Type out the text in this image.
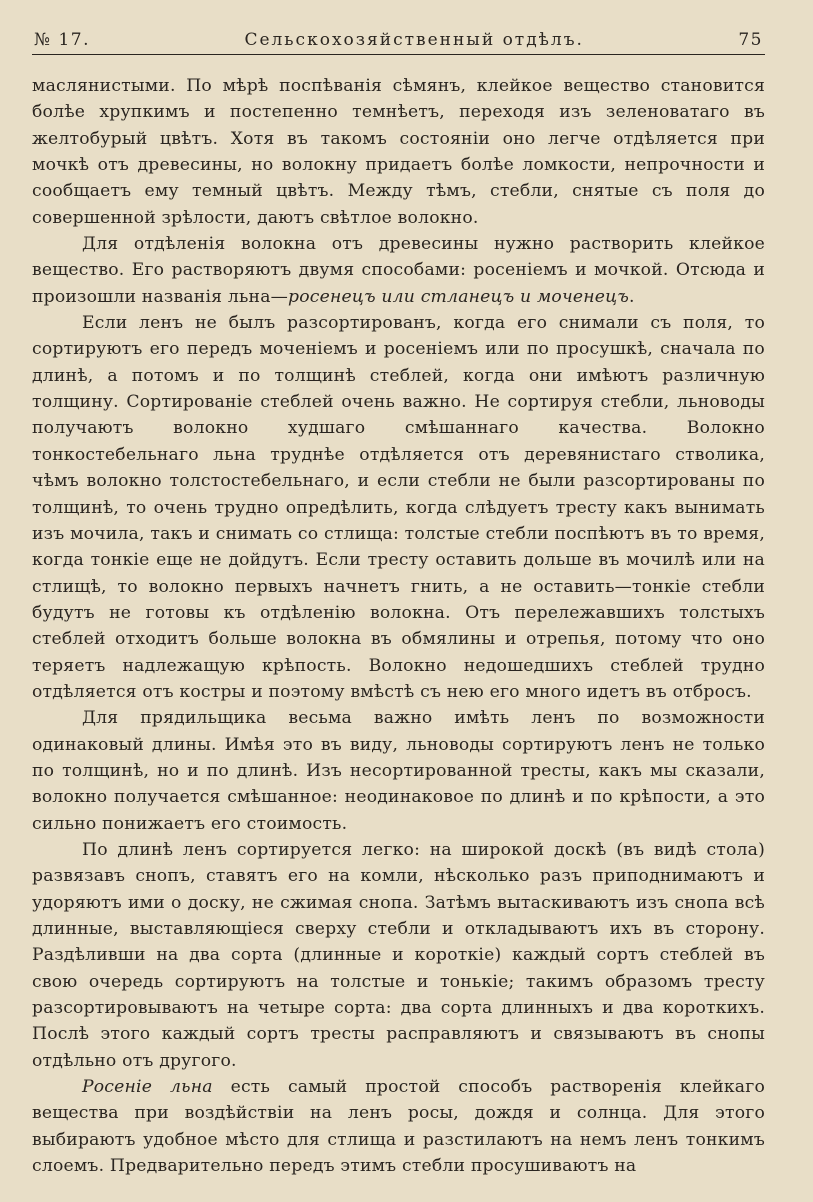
№ 17.	Сельскохозяйственный отдѣлъ.	75

маслянистыми. По мѣрѣ поспѣванія сѣмянъ, клейкое вещество становится болѣе хрупкимъ и постепенно темнѣетъ, переходя изъ зеленоватаго въ желтобурый цвѣтъ. Хотя въ такомъ состояніи оно легче отдѣляется при мочкѣ отъ древесины, но волокну придаетъ болѣе ломкости, непрочности и сообщаетъ ему темный цвѣтъ. Между тѣмъ, стебли, снятые съ поля до совершенной зрѣлости, даютъ свѣтлое волокно.

Для отдѣленія волокна отъ древесины нужно растворить клейкое вещество. Его растворяютъ двумя способами: росеніемъ и мочкой. Отсюда и произошли названія льна—росенецъ или стланецъ и моченецъ.

Если ленъ не былъ разсортированъ, когда его снимали съ поля, то сортируютъ его передъ моченіемъ и росеніемъ или по просушкѣ, сначала по длинѣ, а потомъ и по толщинѣ стеблей, когда они имѣютъ различную толщину. Сортированіе стеблей очень важно. Не сортируя стебли, льноводы получаютъ волокно худшаго смѣшаннаго качества. Волокно тонкостебельнаго льна труднѣе отдѣляется отъ деревянистаго стволика, чѣмъ волокно толстостебельнаго, и если стебли не были разсортированы по толщинѣ, то очень трудно опредѣлить, когда слѣдуетъ тресту какъ вынимать изъ мочила, такъ и снимать со стлища: толстые стебли поспѣютъ въ то время, когда тонкіе еще не дойдутъ. Если тресту оставить дольше въ мочилѣ или на стлищѣ, то волокно первыхъ начнетъ гнить, а не оставить—тонкіе стебли будутъ не готовы къ отдѣленію волокна. Отъ перележавшихъ толстыхъ стеблей отходитъ больше волокна въ обмялины и отрепья, потому что оно теряетъ надлежащую крѣпость. Волокно недошедшихъ стеблей трудно отдѣляется отъ костры и поэтому вмѣстѣ съ нею его много идетъ въ отбросъ.

Для прядильщика весьма важно имѣть ленъ по возможности одинаковый длины. Имѣя это въ виду, льноводы сортируютъ ленъ не только по толщинѣ, но и по длинѣ. Изъ несортированной тресты, какъ мы сказали, волокно получается смѣшанное: неодинаковое по длинѣ и по крѣпости, а это сильно понижаетъ его стоимость.

По длинѣ ленъ сортируется легко: на широкой доскѣ (въ видѣ стола) развязавъ снопъ, ставятъ его на комли, нѣсколько разъ приподнимаютъ и удоряютъ ими о доску, не сжимая снопа. Затѣмъ вытаскиваютъ изъ снопа всѣ длинные, выставляющіеся сверху стебли и откладываютъ ихъ въ сторону. Раздѣливши на два сорта (длинные и короткіе) каждый сортъ стеблей въ свою очередь сортируютъ на толстые и тонькіе; такимъ образомъ тресту разсортировываютъ на четыре сорта: два сорта длинныхъ и два короткихъ. Послѣ этого каждый сортъ тресты расправляютъ и связываютъ въ снопы отдѣльно отъ другого.

Росеніе льна есть самый простой способъ растворенія клейкаго вещества при воздѣйствіи на ленъ росы, дождя и солнца. Для этого выбираютъ удобное мѣсто для стлища и разстилаютъ на немъ ленъ тонкимъ слоемъ. Предварительно передъ этимъ стебли просушиваютъ на
